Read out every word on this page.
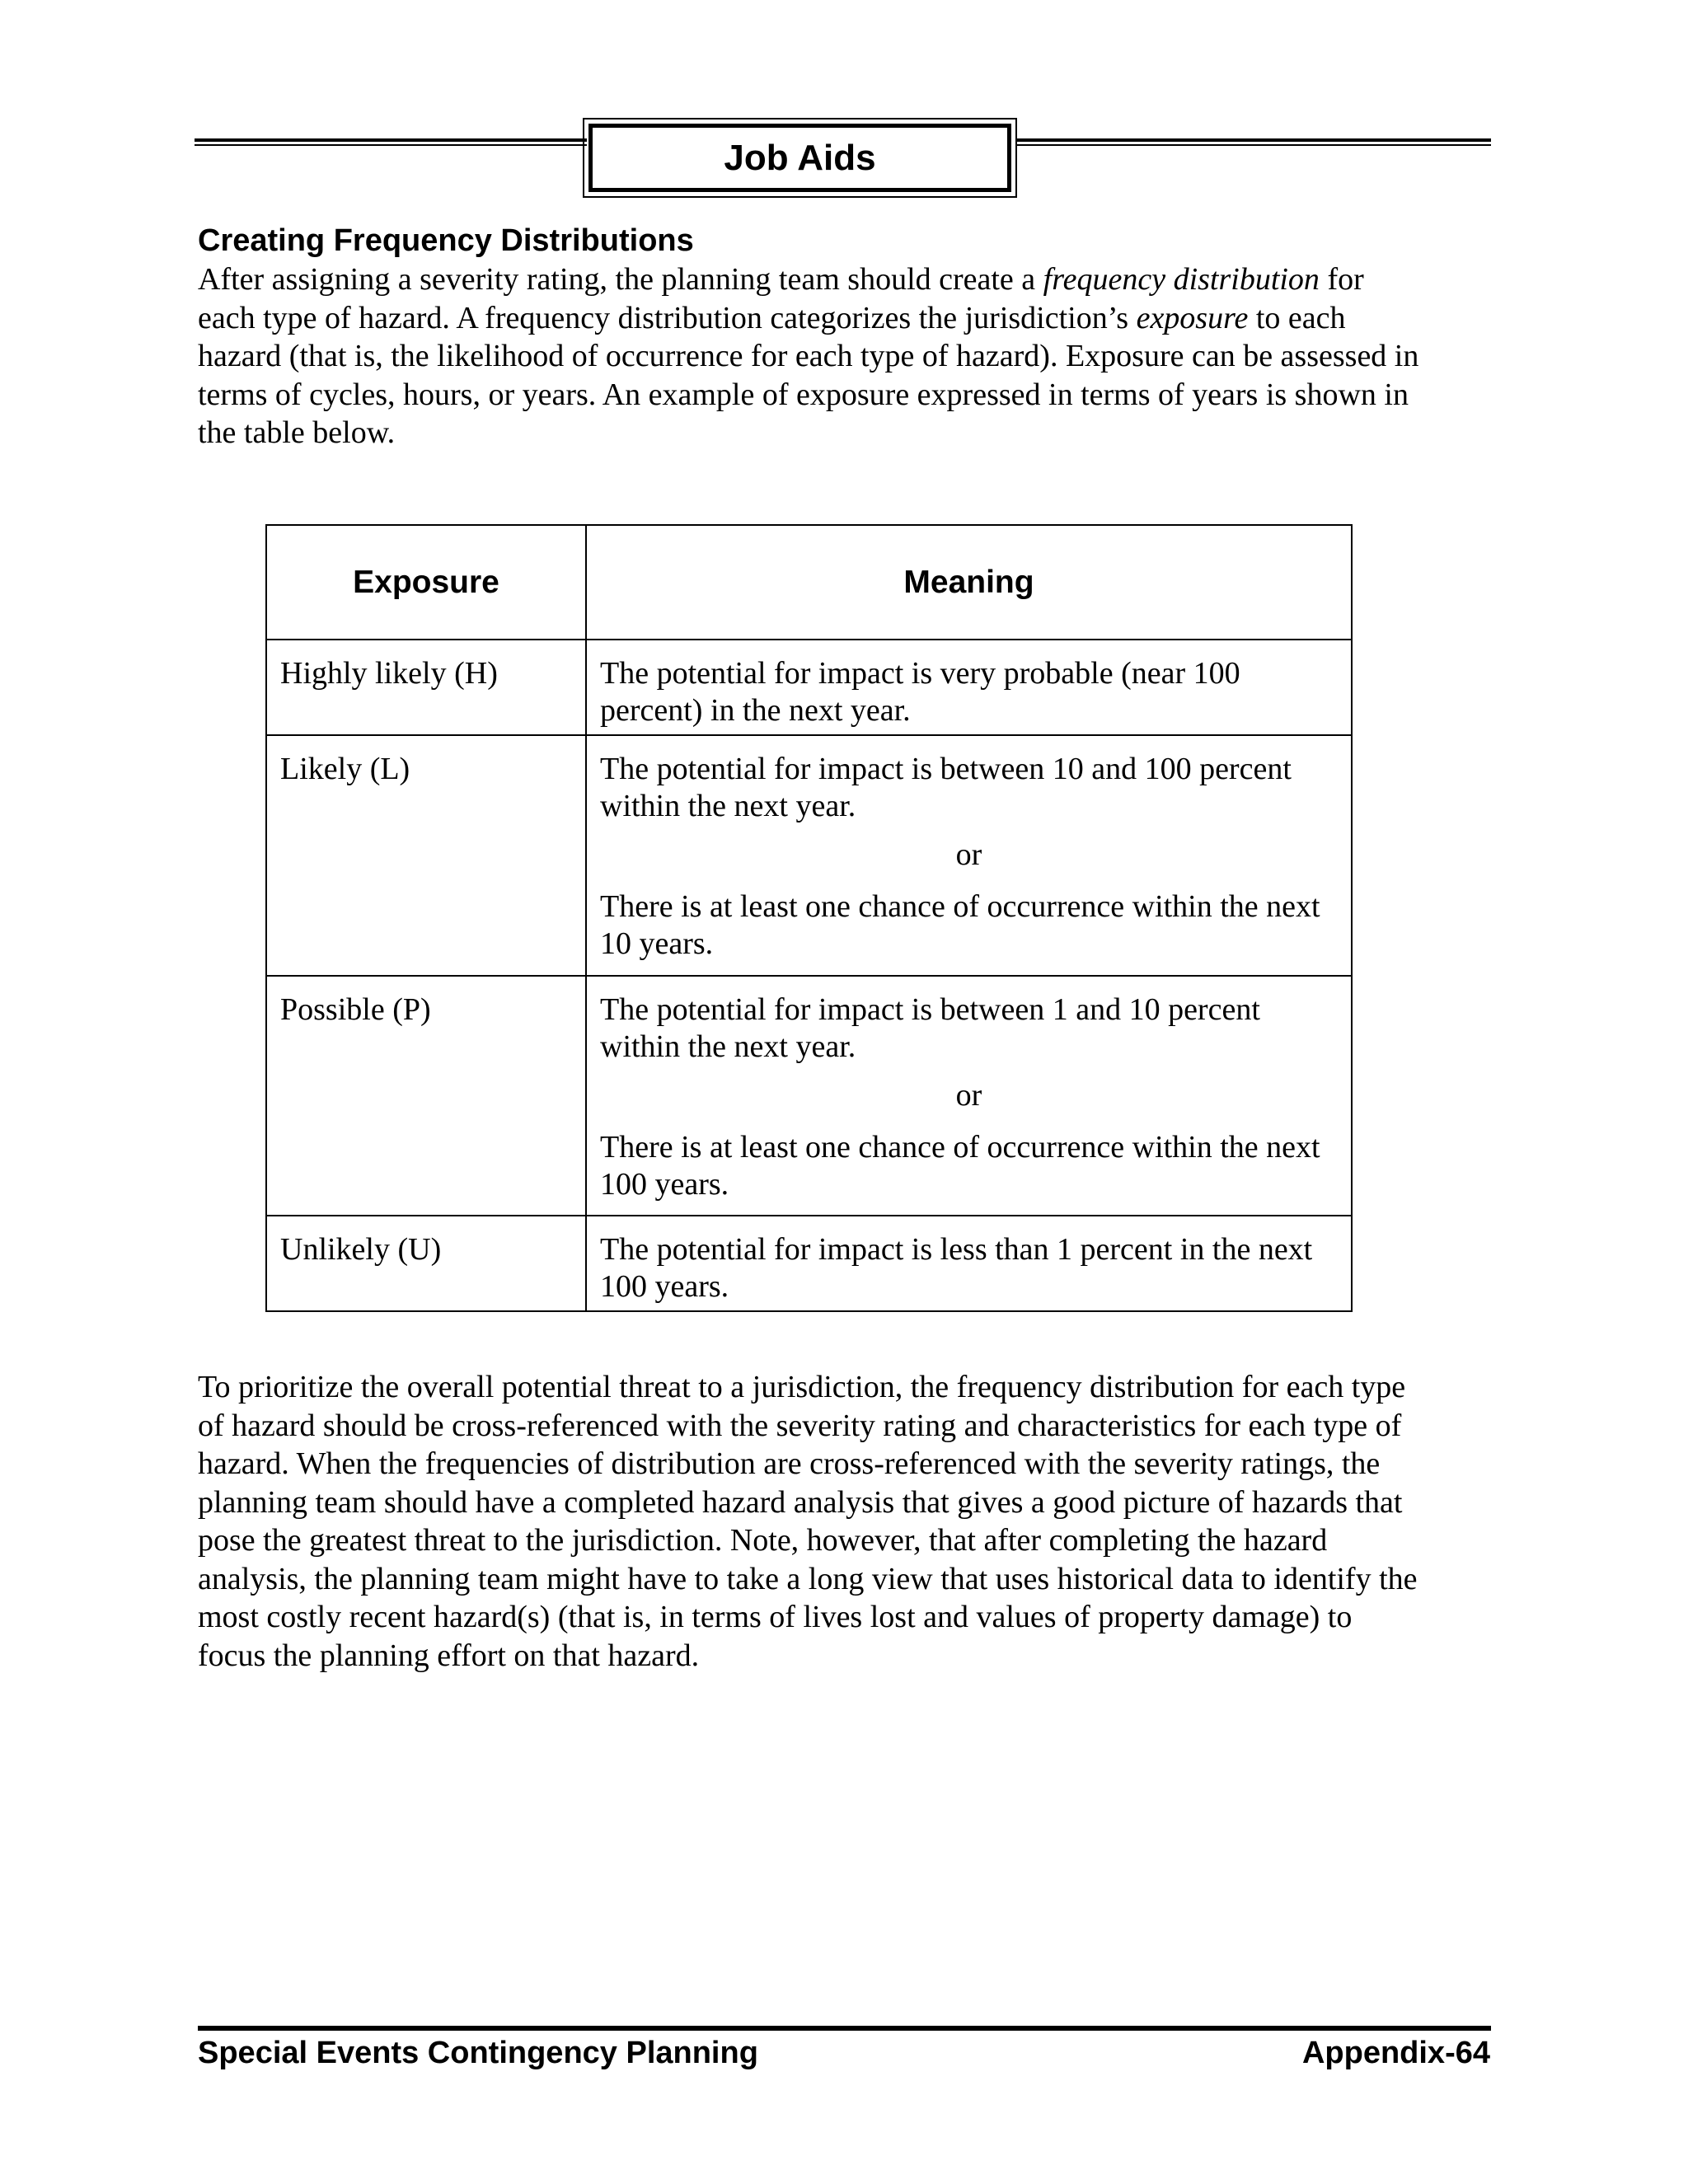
Job Aids
Creating Frequency Distributions
After assigning a severity rating, the planning team should create a frequency distribution for
each type of hazard. A frequency distribution categorizes the jurisdiction’s exposure to each
hazard (that is, the likelihood of occurrence for each type of hazard). Exposure can be assessed in
terms of cycles, hours, or years. An example of exposure expressed in terms of years is shown in
the table below.
Exposure	Meaning
Highly likely (H)	The potential for impact is very probable (near 100 percent) in the next year.

Likely (L)	The potential for impact is between 10 and 100 percent within the next year.

or

There is at least one chance of occurrence within the next 10 years.

Possible (P)	The potential for impact is between 1 and 10 percent within the next year.

or

There is at least one chance of occurrence within the next 100 years.

Unlikely (U)	The potential for impact is less than 1 percent in the next 100 years.

To prioritize the overall potential threat to a jurisdiction, the frequency distribution for each type
of hazard should be cross-referenced with the severity rating and characteristics for each type of
hazard. When the frequencies of distribution are cross-referenced with the severity ratings, the
planning team should have a completed hazard analysis that gives a good picture of hazards that
pose the greatest threat to the jurisdiction. Note, however, that after completing the hazard
analysis, the planning team might have to take a long view that uses historical data to identify the
most costly recent hazard(s) (that is, in terms of lives lost and values of property damage) to
focus the planning effort on that hazard.
Special Events Contingency Planning	Appendix-64
